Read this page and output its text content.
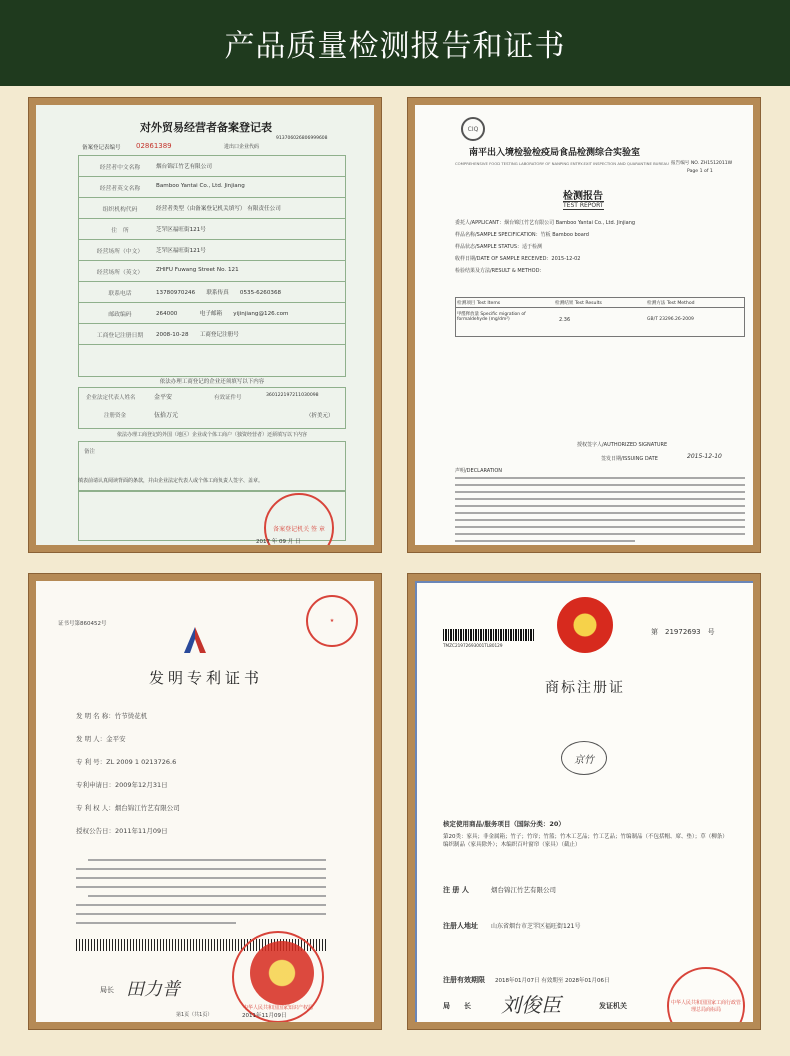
产品质量检测报告和证书
对外贸易经营者备案登记表
备案登记表编号 02861389	进出口企业代码
913706026806999608
经营者中文名称	烟台锦江竹艺有限公司
经营者英文名称	Bamboo Yantai Co., Ltd. Jinjiang
组织机构代码	经营者类型（由备案登记机关填写） 有限责任公司
住　所	芝罘区福旺街121号
经营场所（中文）	芝罘区福旺街121号
经营场所（英文）	ZHIFU Fuwang Street No. 121
联系电话	13780970246　　联系传真　　0535-6260368
邮政编码	264000　　　　电子邮箱　　yijinjiang@126.com
工商登记注册日期	2008-10-28　　工商登记注册号
依法办理工商登记的企业还须填写以下内容
企业法定代表人姓名	金平安	有效证件号	360122197211030098
注册资金	伍拾万元	（折美元）
依法办理工商登记的外国（地区）企业或个体工商户（独资经营者）还须填写以下内容
备注
填表前请认真阅读背面的条款，并由企业法定代表人或个体工商负责人签字、盖章。
备案登记机关 签 章
2017 年 09 月 日
CIQ
南平出入境检验检疫局食品检测综合实验室
COMPREHENSIVE FOOD TESTING LABORATORY OF NANPING ENTRY-EXIT INSPECTION AND QUARANTINE BUREAU 报告编号 NO. ZH1512011W
Page 1 of 1
检测报告
TEST REPORT
委托人/APPLICANT：烟台锦江竹艺有限公司 Bamboo Yantai Co., Ltd. Jinjiang
样品名称/SAMPLE SPECIFICATION：竹板 Bamboo board
样品状态/SAMPLE STATUS：适于检测
收样日期/DATE OF SAMPLE RECEIVED：2015-12-02
检验结果及方法/RESULT & METHOD：
检测项目 Test Items	检测结果 Test Results	检测方法 Test Method
甲醛释放量 Specific migration of formaldehyde (mg/dm²)	2.36	GB/T 23296.26-2009
授权签字人/AUTHORIZED SIGNATURE
签发日期/ISSUING DATE	2015-12-10
声明/DECLARATION
证书号第860452号	★
发明专利证书
发 明 名 称：竹节烫花机
发 明 人：金平安
专 利 号：ZL 2009 1 0213726.6
专利申请日：2009年12月31日
专 利 权 人：烟台锦江竹艺有限公司
授权公告日：2011年11月09日
局长 田力普
中华人民共和国国家知识产权局
2011年11月09日
第1页（共1页）
TMZC21972693001TL80129
第　21972693　号
商标注册证
京竹
核定使用商品/服务项目（国际分类：20）
第20类：家具；非金属箱；竹子；竹帘；竹篮；竹木工艺品；竹工艺品；竹编制品（不包括帽、席、垫）；草（柳条）编织制品（家具除外）；木编织百叶窗帘（家具）（截止）
注 册 人	烟台锦江竹艺有限公司
注册人地址 山东省烟台市芝罘区福旺街121号
注册有效期限 2018年01月07日 有效期至 2028年01月06日
局　　长 刘俊臣	发证机关	中华人民共和国国家工商行政管理总局商标局
